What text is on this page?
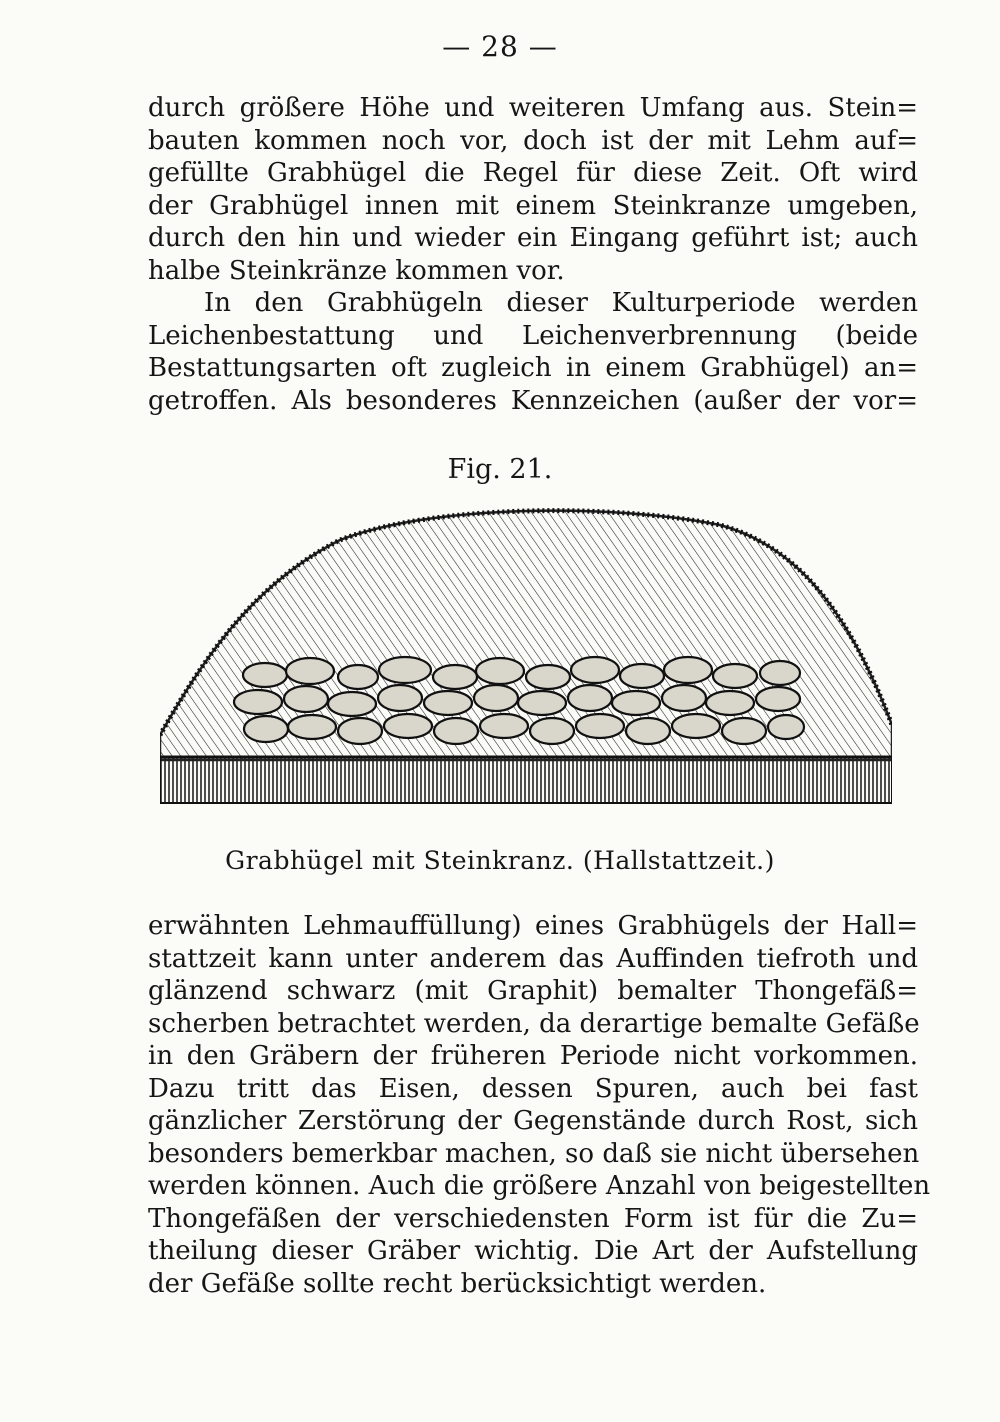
— 28 —
durch größere Höhe und weiteren Umfang aus. Stein=
bauten kommen noch vor, doch ist der mit Lehm auf=
gefüllte Grabhügel die Regel für diese Zeit. Oft wird
der Grabhügel innen mit einem Steinkranze umgeben,
durch den hin und wieder ein Eingang geführt ist; auch
halbe Steinkränze kommen vor.
In den Grabhügeln dieser Kulturperiode werden
Leichenbestattung und Leichenverbrennung (beide
Bestattungsarten oft zugleich in einem Grabhügel) an=
getroffen. Als besonderes Kennzeichen (außer der vor=
Fig. 21.
Grabhügel mit Steinkranz. (Hallstattzeit.)
erwähnten Lehmauffüllung) eines Grabhügels der Hall=
stattzeit kann unter anderem das Auffinden tiefroth und
glänzend schwarz (mit Graphit) bemalter Thongefäß=
scherben betrachtet werden, da derartige bemalte Gefäße
in den Gräbern der früheren Periode nicht vorkommen.
Dazu tritt das Eisen, dessen Spuren, auch bei fast
gänzlicher Zerstörung der Gegenstände durch Rost, sich
besonders bemerkbar machen, so daß sie nicht übersehen
werden können. Auch die größere Anzahl von beigestellten
Thongefäßen der verschiedensten Form ist für die Zu=
theilung dieser Gräber wichtig. Die Art der Aufstellung
der Gefäße sollte recht berücksichtigt werden.
